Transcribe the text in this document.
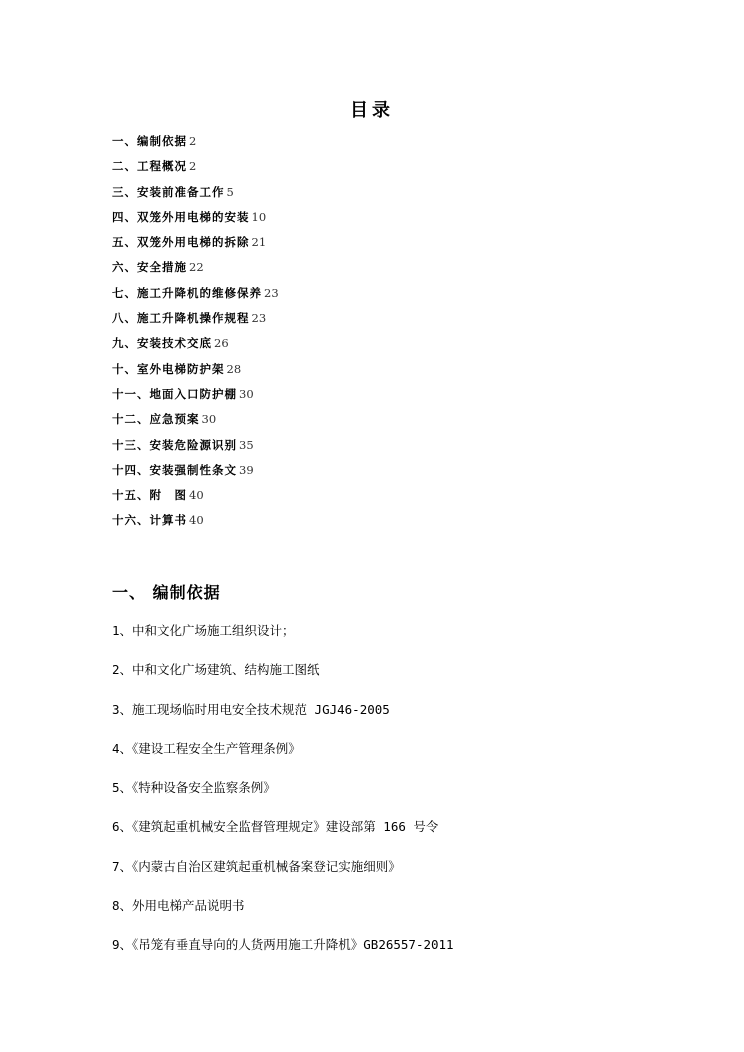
目录
一、编制依据 2
二、工程概况 2
三、安装前准备工作 5
四、双笼外用电梯的安装 10
五、双笼外用电梯的拆除 21
六、安全措施 22
七、施工升降机的维修保养 23
八、施工升降机操作规程 23
九、安装技术交底 26
十、室外电梯防护架 28
十一、地面入口防护棚 30
十二、应急预案 30
十三、安装危险源识别 35
十四、安装强制性条文 39
十五、附　图 40
十六、计算书 40
一、 编制依据
1、中和文化广场施工组织设计；
2、中和文化广场建筑、结构施工图纸
3、施工现场临时用电安全技术规范 JGJ46-2005
4、《建设工程安全生产管理条例》
5、《特种设备安全监察条例》
6、《建筑起重机械安全监督管理规定》建设部第 166 号令
7、《内蒙古自治区建筑起重机械备案登记实施细则》
8、外用电梯产品说明书
9、《吊笼有垂直导向的人货两用施工升降机》GB26557-2011
